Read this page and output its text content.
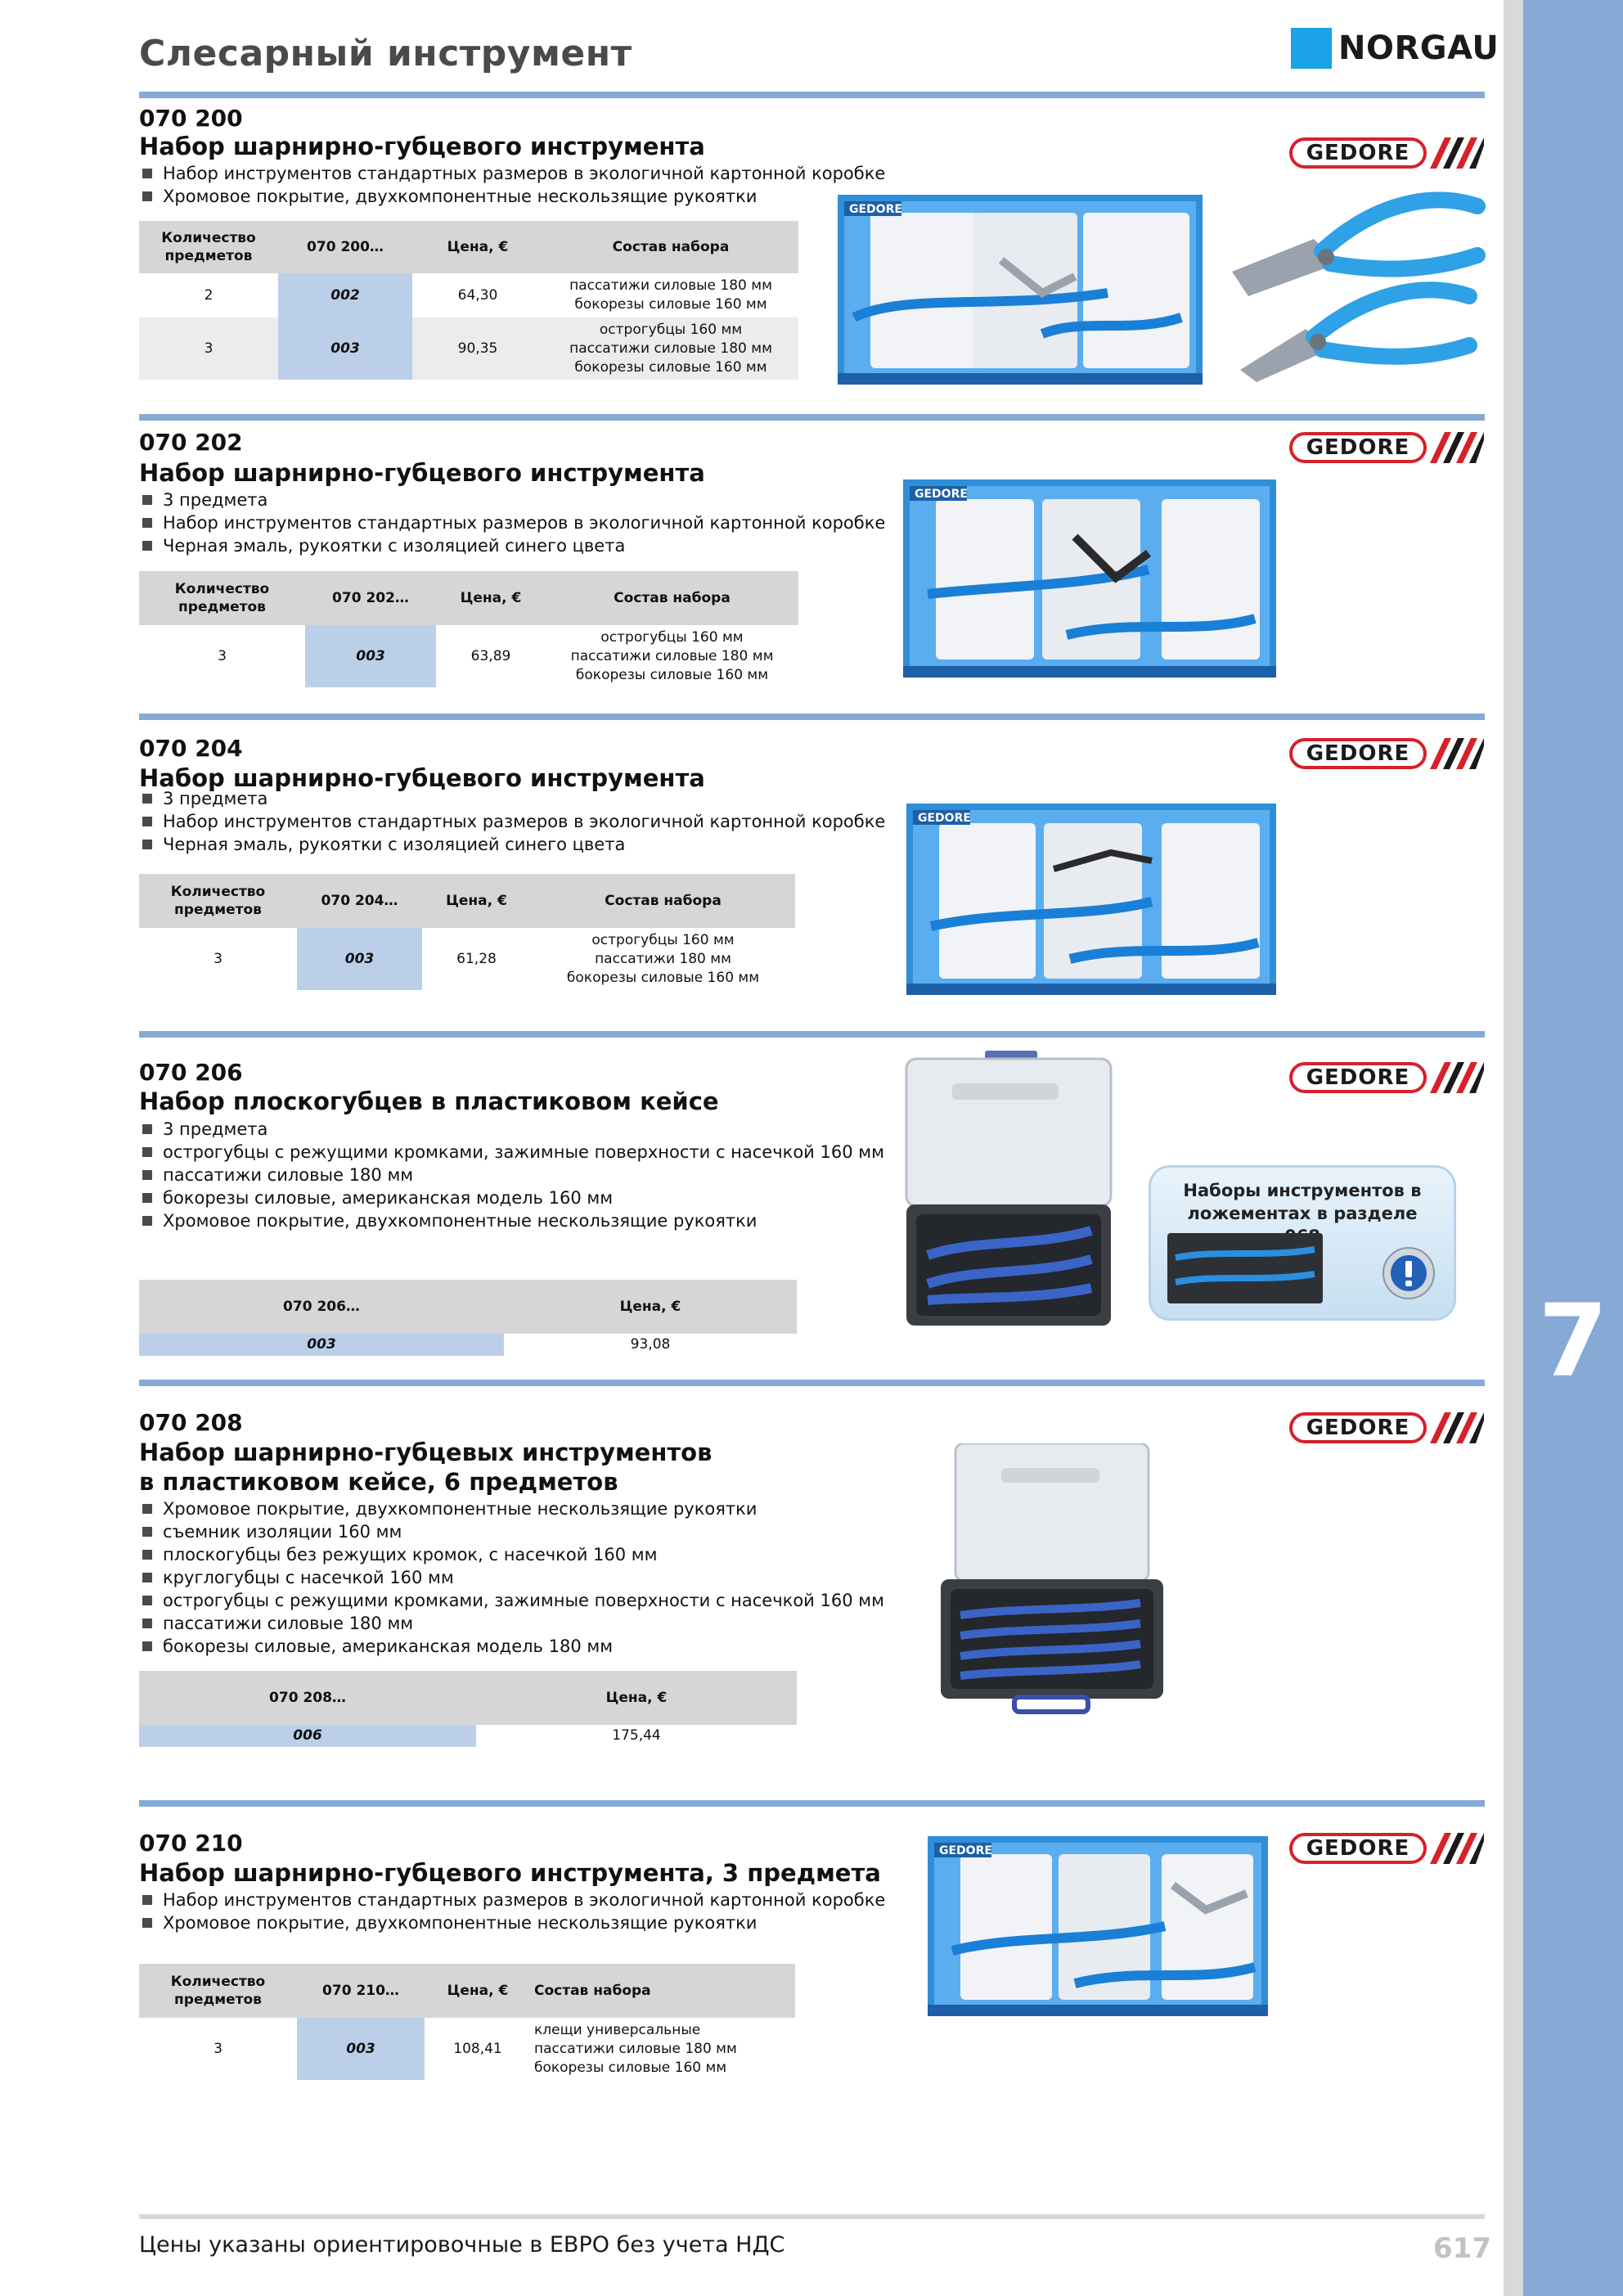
7
Слесарный инструмент	NORGAU
070 200
Набор шарнирно-губцевого инструмента
Набор инструментов стандартных размеров в экологичной картонной коробке
Хромовое покрытие, двухкомпонентные нескользящие рукоятки
Количество предметов	070 200…	Цена, €	Состав набора
2	002	64,30	пассатижи силовые 180 мм
бокорезы силовые 160 мм

3	003	90,35	острогубцы 160 мм
пассатижи силовые 180 мм
бокорезы силовые 160 мм
GEDORE
GEDORE
070 202
Набор шарнирно-губцевого инструмента
3 предмета
Набор инструментов стандартных размеров в экологичной картонной коробке
Черная эмаль, рукоятки с изоляцией синего цвета
Количество предметов	070 202…	Цена, €	Состав набора
3	003	63,89	острогубцы 160 мм
пассатижи силовые 180 мм
бокорезы силовые 160 мм
GEDORE
GEDORE
070 204
Набор шарнирно-губцевого инструмента
3 предмета
Набор инструментов стандартных размеров в экологичной картонной коробке
Черная эмаль, рукоятки с изоляцией синего цвета
Количество предметов	070 204…	Цена, €	Состав набора
3	003	61,28	острогубцы 160 мм
пассатижи 180 мм
бокорезы силовые 160 мм
GEDORE
GEDORE
070 206
Набор плоскогубцев в пластиковом кейсе
3 предмета
острогубцы с режущими кромками, зажимные поверхности с насечкой 160 мм
пассатижи силовые 180 мм
бокорезы силовые, американская модель 160 мм
Хромовое покрытие, двухкомпонентные нескользящие рукоятки
070 206…	Цена, €
003	93,08
GEDORE
Наборы инструментов в ложементах в разделе
070 208
Набор шарнирно-губцевых инструментов
в пластиковом кейсе, 6 предметов
Хромовое покрытие, двухкомпонентные нескользящие рукоятки
съемник изоляции 160 мм
плоскогубцы без режущих кромок, с насечкой 160 мм
круглогубцы с насечкой 160 мм
острогубцы с режущими кромками, зажимные поверхности с насечкой 160 мм
пассатижи силовые 180 мм
бокорезы силовые, американская модель 180 мм
070 208…	Цена, €
006	175,44
GEDORE
070 210
Набор шарнирно-губцевого инструмента, 3 предмета
Набор инструментов стандартных размеров в экологичной картонной коробке
Хромовое покрытие, двухкомпонентные нескользящие рукоятки
Количество предметов	070 210…	Цена, €	Состав набора
3	003	108,41	клещи универсальные
пассатижи силовые 180 мм
бокорезы силовые 160 мм
GEDORE
GEDORE
Цены указаны ориентировочные в ЕВРО без учета НДС	617
